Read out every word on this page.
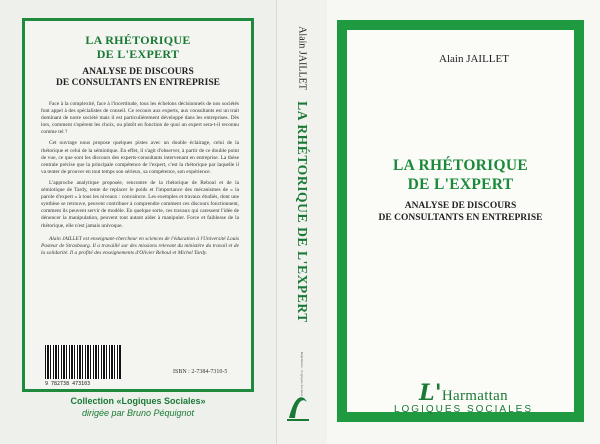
LA RHÉTORIQUE
DE L'EXPERT
ANALYSE DE DISCOURS
DE CONSULTANTS EN ENTREPRISE

Face à la complexité, face à l'incertitude, tous les échelons décisionnels de nos sociétés font appel à des spécialistes de conseil. Ce recours aux experts, aux consultants est un trait dominant de notre société mais il est particulièrement développé dans les entreprises. Dès lors, comment s'opèrent les choix, ou plutôt en fonction de quoi un expert sera-t-il reconnu comme tel ?

Cet ouvrage nous propose quelques pistes avec un double éclairage, celui de la rhétorique et celui de la sémiotique. En effet, il s'agit d'observer, à partir de ce double point de vue, ce que sont les discours des experts-consultants intervenant en entreprise. La thèse centrale précise que la principale compétence de l'expert, c'est la rhétorique par laquelle il va tenter de prouver en tout temps son sérieux, sa compétence, son expérience.

L'approche analytique proposée, rencontre de la rhétorique de Reboul et de la sémiotique de Tardy, tente de replacer le poids et l'importance des mécanismes de « la parole d'expert » à tous les niveaux : convaincre. Les exemples et travaux étudiés, dont une synthèse se retrouve, peuvent contribuer à comprendre comment ces discours fonctionnent, comment ils peuvent servir de modèle. En quelque sorte, ces travaux qui caressent l'idée de dénoncer la manipulation, peuvent tout autant aider à manipuler. Force et faiblesse de la rhétorique, elle n'est jamais univoque.

Alain JAILLET est enseignant-chercheur en sciences de l'éducation à l'Université Louis Pasteur de Strasbourg. Il a travaillé sur des missions relevant du ministère du travail et de la solidarité. Il a profité des enseignements d'Olivier Reboul et Michel Tardy.

9 782738 473103
ISBN : 2-7384-7310-5
Collection «Logiques Sociales»
dirigée par Bruno Péquignot
Alain JAILLET
LA RHÉTORIQUE DE L'EXPERT
Imprimerie · Logiques Sociales
Alain JAILLET
LA RHÉTORIQUE
DE L'EXPERT
ANALYSE DE DISCOURS
DE CONSULTANTS EN ENTREPRISE
L'Harmattan
LOGIQUES SOCIALES
